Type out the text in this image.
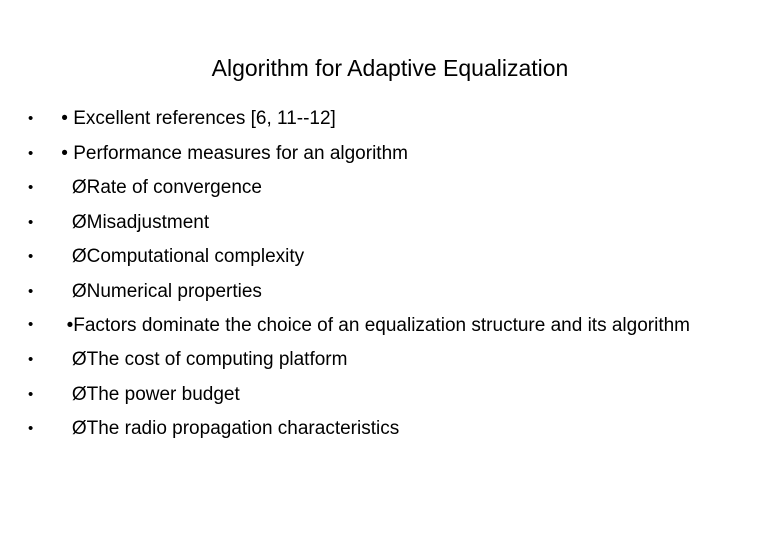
Algorithm for Adaptive Equalization
•	• Excellent references [6, 11--12]
•	• Performance measures for an algorithm
•	ØRate of convergence
•	ØMisadjustment
•	ØComputational complexity
•	ØNumerical properties
•	•Factors dominate the choice of an equalization structure and its algorithm
•	ØThe cost of computing platform
•	ØThe power budget
•	ØThe radio propagation characteristics
